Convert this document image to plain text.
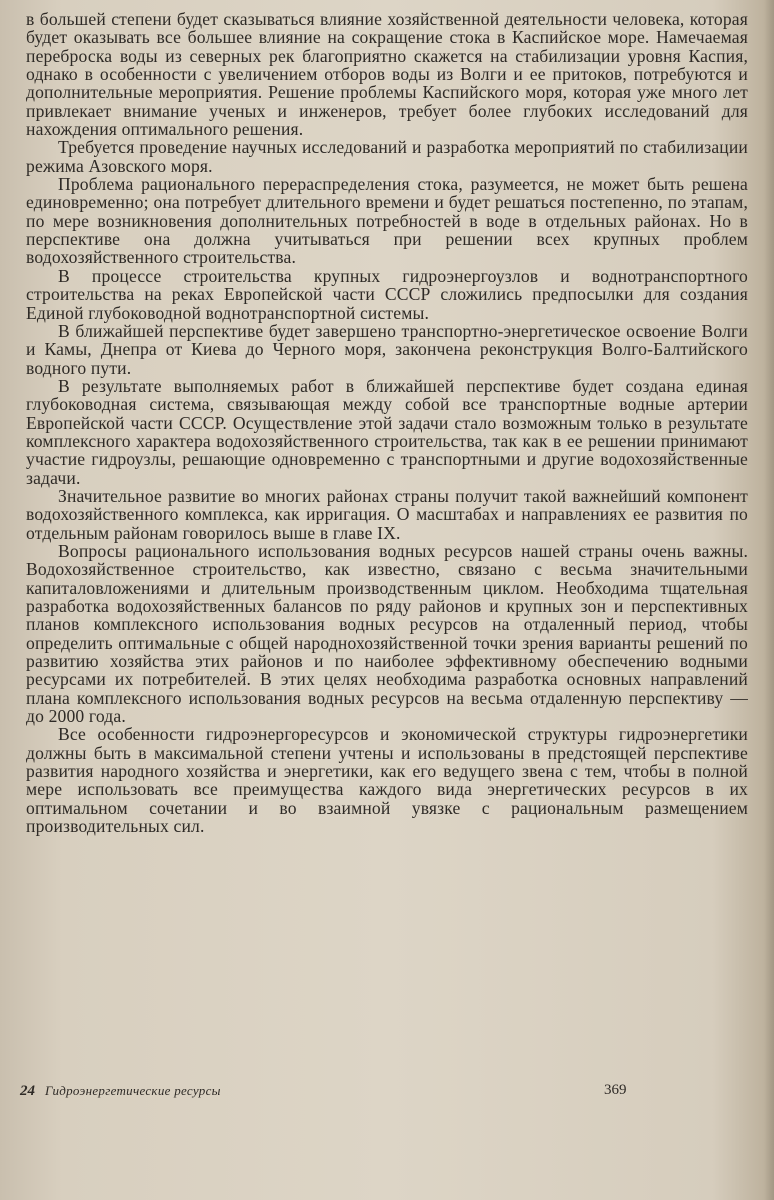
в большей степени будет сказываться влияние хозяйственной деятельности человека, которая будет оказывать все большее влияние на сокращение стока в Каспийское море. Намечаемая переброска воды из северных рек благоприятно скажется на стабилизации уровня Каспия, однако в особенности с увеличением отборов воды из Волги и ее притоков, потребуются и дополнительные мероприятия. Решение проблемы Каспийского моря, которая уже много лет привлекает внимание ученых и инженеров, требует более глубоких исследований для нахождения оптимального решения.

Требуется проведение научных исследований и разработка мероприятий по стабилизации режима Азовского моря.

Проблема рационального перераспределения стока, разумеется, не может быть решена единовременно; она потребует длительного времени и будет решаться постепенно, по этапам, по мере возникновения дополнительных потребностей в воде в отдельных районах. Но в перспективе она должна учитываться при решении всех крупных проблем водохозяйственного строительства.

В процессе строительства крупных гидроэнергоузлов и воднотранспортного строительства на реках Европейской части СССР сложились предпосылки для создания Единой глубоководной воднотранспортной системы.

В ближайшей перспективе будет завершено транспортно-энергетическое освоение Волги и Камы, Днепра от Киева до Черного моря, закончена реконструкция Волго-Балтийского водного пути.

В результате выполняемых работ в ближайшей перспективе будет создана единая глубоководная система, связывающая между собой все транспортные водные артерии Европейской части СССР. Осуществление этой задачи стало возможным только в результате комплексного характера водохозяйственного строительства, так как в ее решении принимают участие гидроузлы, решающие одновременно с транспортными и другие водохозяйственные задачи.

Значительное развитие во многих районах страны получит такой важнейший компонент водохозяйственного комплекса, как ирригация. О масштабах и направлениях ее развития по отдельным районам говорилось выше в главе IX.

Вопросы рационального использования водных ресурсов нашей страны очень важны. Водохозяйственное строительство, как известно, связано с весьма значительными капиталовложениями и длительным производственным циклом. Необходима тщательная разработка водохозяйственных балансов по ряду районов и крупных зон и перспективных планов комплексного использования водных ресурсов на отдаленный период, чтобы определить оптимальные с общей народнохозяйственной точки зрения варианты решений по развитию хозяйства этих районов и по наиболее эффективному обеспечению водными ресурсами их потребителей. В этих целях необходима разработка основных направлений плана комплексного использования водных ресурсов на весьма отдаленную перспективу — до 2000 года.

Все особенности гидроэнергоресурсов и экономической структуры гидроэнергетики должны быть в максимальной степени учтены и использованы в предстоящей перспективе развития народного хозяйства и энергетики, как его ведущего звена с тем, чтобы в полной мере использовать все преимущества каждого вида энергетических ресурсов в их оптимальном сочетании и во взаимной увязке с рациональным размещением производительных сил.

24 Гидроэнергетические ресурсы	369
